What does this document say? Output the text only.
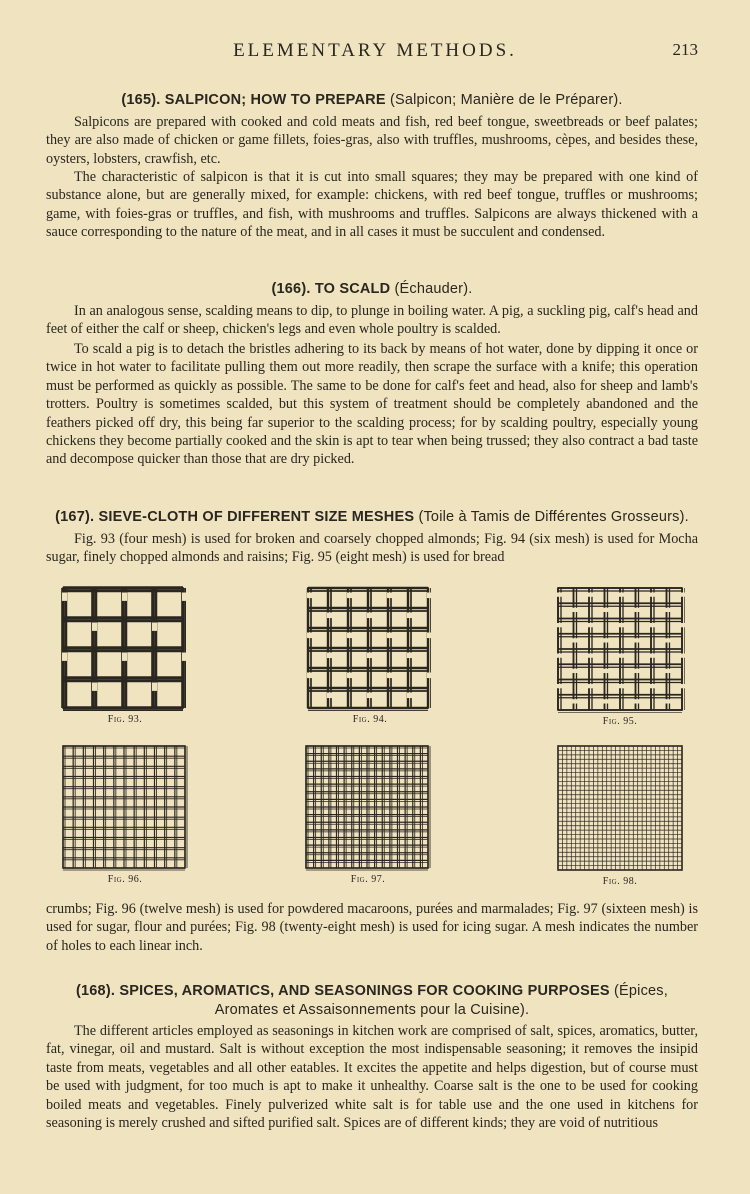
ELEMENTARY METHODS.	213
(165). SALPICON; HOW TO PREPARE (Salpicon; Manière de le Préparer).

Salpicons are prepared with cooked and cold meats and fish, red beef tongue, sweetbreads or beef palates; they are also made of chicken or game fillets, foies-gras, also with truffles, mushrooms, cèpes, and besides these, oysters, lobsters, crawfish, etc.

The characteristic of salpicon is that it is cut into small squares; they may be prepared with one kind of substance alone, but are generally mixed, for example: chickens, with red beef tongue, truffles or mushrooms; game, with foies-gras or truffles, and fish, with mushrooms and truffles. Salpicons are always thickened with a sauce corresponding to the nature of the meat, and in all cases it must be succulent and condensed.

(166). TO SCALD (Échauder).

In an analogous sense, scalding means to dip, to plunge in boiling water. A pig, a suckling pig, calf's head and feet of either the calf or sheep, chicken's legs and even whole poultry is scalded.

To scald a pig is to detach the bristles adhering to its back by means of hot water, done by dipping it once or twice in hot water to facilitate pulling them out more readily, then scrape the surface with a knife; this operation must be performed as quickly as possible. The same to be done for calf's feet and head, also for sheep and lamb's trotters. Poultry is sometimes scalded, but this system of treatment should be completely abandoned and the feathers picked off dry, this being far superior to the scalding process; for by scalding poultry, especially young chickens they become partially cooked and the skin is apt to tear when being trussed; they also contract a bad taste and decompose quicker than those that are dry picked.

(167). SIEVE-CLOTH OF DIFFERENT SIZE MESHES (Toile à Tamis de Différentes Grosseurs).

Fig. 93 (four mesh) is used for broken and coarsely chopped almonds; Fig. 94 (six mesh) is used for Mocha sugar, finely chopped almonds and raisins; Fig. 95 (eight mesh) is used for bread

Fig. 93.	Fig. 94.	Fig. 95.
Fig. 96.	Fig. 97.	Fig. 98.

crumbs; Fig. 96 (twelve mesh) is used for powdered macaroons, purées and marmalades; Fig. 97 (sixteen mesh) is used for sugar, flour and purées; Fig. 98 (twenty-eight mesh) is used for icing sugar. A mesh indicates the number of holes to each linear inch.

(168). SPICES, AROMATICS, AND SEASONINGS FOR COOKING PURPOSES (Épices,
Aromates et Assaisonnements pour la Cuisine).

The different articles employed as seasonings in kitchen work are comprised of salt, spices, aromatics, butter, fat, vinegar, oil and mustard. Salt is without exception the most indispensable seasoning; it removes the insipid taste from meats, vegetables and all other eatables. It excites the appetite and helps digestion, but of course must be used with judgment, for too much is apt to make it unhealthy. Coarse salt is the one to be used for cooking boiled meats and vegetables. Finely pulverized white salt is for table use and the one used in kitchens for seasoning is merely crushed and sifted purified salt. Spices are of different kinds; they are void of nutritious
